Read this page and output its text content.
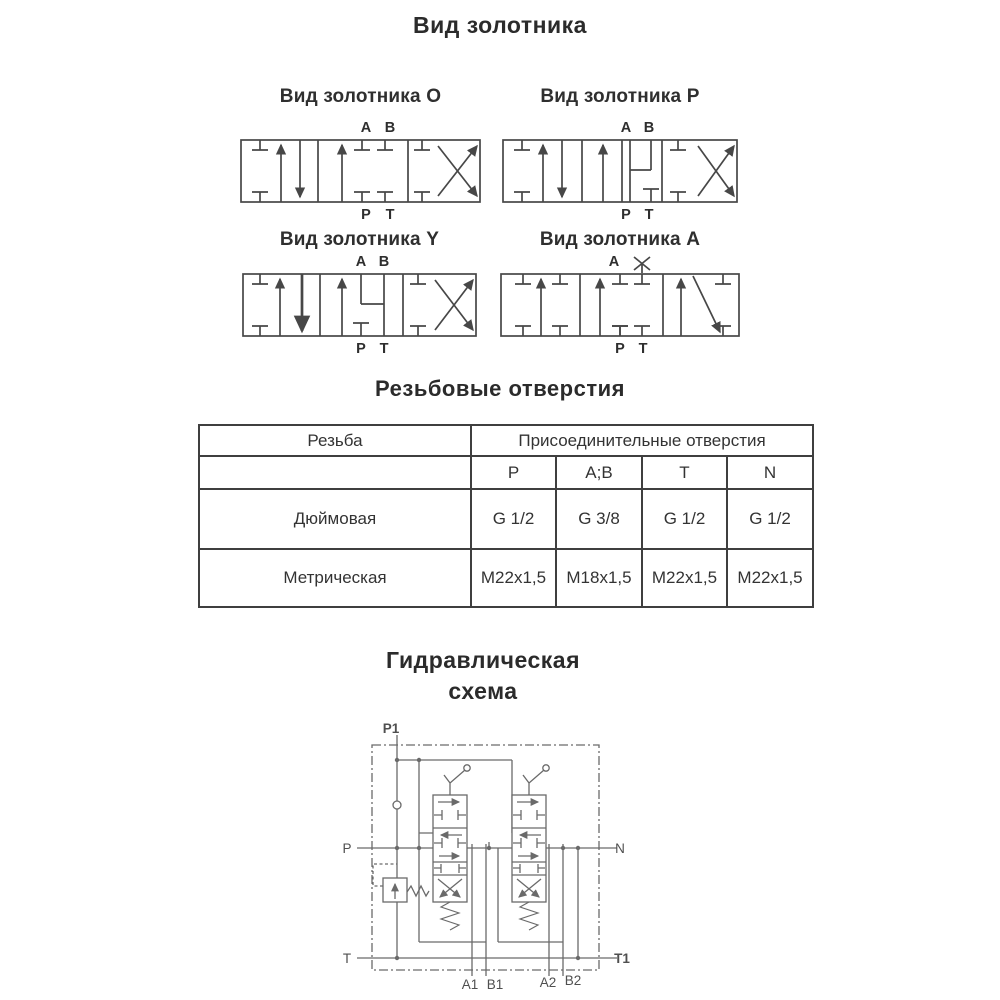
Вид золотника
Вид золотника О
A B
P T
Вид золотника Р
A B
P T
Вид золотника Y
A B
P T
Вид золотника А
A
P T
Резьбовые отверстия
Резьба	Присоединительные отверстия			
	P	A;B	T	N
Дюймовая	G 1/2	G 3/8	G 1/2	G 1/2
Метрическая	M22x1,5	M18x1,5	M22x1,5	M22x1,5
Гидравлическая
схема
P1
P	N
T	T1
A1 B1	A2 B2
